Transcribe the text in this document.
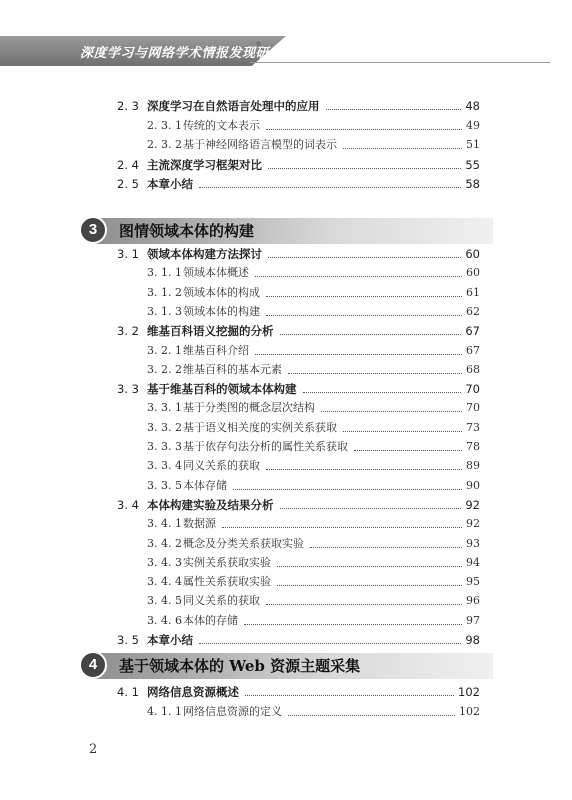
深度学习与网络学术情报发现研究
2. 3 深度学习在自然语言处理中的应用	48
2. 3. 1 传统的文本表示	49
2. 3. 2 基于神经网络语言模型的词表示	51
2. 4 主流深度学习框架对比	55
2. 5 本章小结	58
3	图情领域本体的构建
3. 1 领域本体构建方法探讨	60
3. 1. 1 领域本体概述	60
3. 1. 2 领域本体的构成	61
3. 1. 3 领域本体的构建	62
3. 2 维基百科语义挖掘的分析	67
3. 2. 1 维基百科介绍	67
3. 2. 2 维基百科的基本元素	68
3. 3 基于维基百科的领域本体构建	70
3. 3. 1 基于分类图的概念层次结构	70
3. 3. 2 基于语义相关度的实例关系获取	73
3. 3. 3 基于依存句法分析的属性关系获取	78
3. 3. 4 同义关系的获取	89
3. 3. 5 本体存储	90
3. 4 本体构建实验及结果分析	92
3. 4. 1 数据源	92
3. 4. 2 概念及分类关系获取实验	93
3. 4. 3 实例关系获取实验	94
3. 4. 4 属性关系获取实验	95
3. 4. 5 同义关系的获取	96
3. 4. 6 本体的存储	97
3. 5 本章小结	98
4	基于领域本体的 Web 资源主题采集
4. 1 网络信息资源概述	102
4. 1. 1 网络信息资源的定义	102
2
